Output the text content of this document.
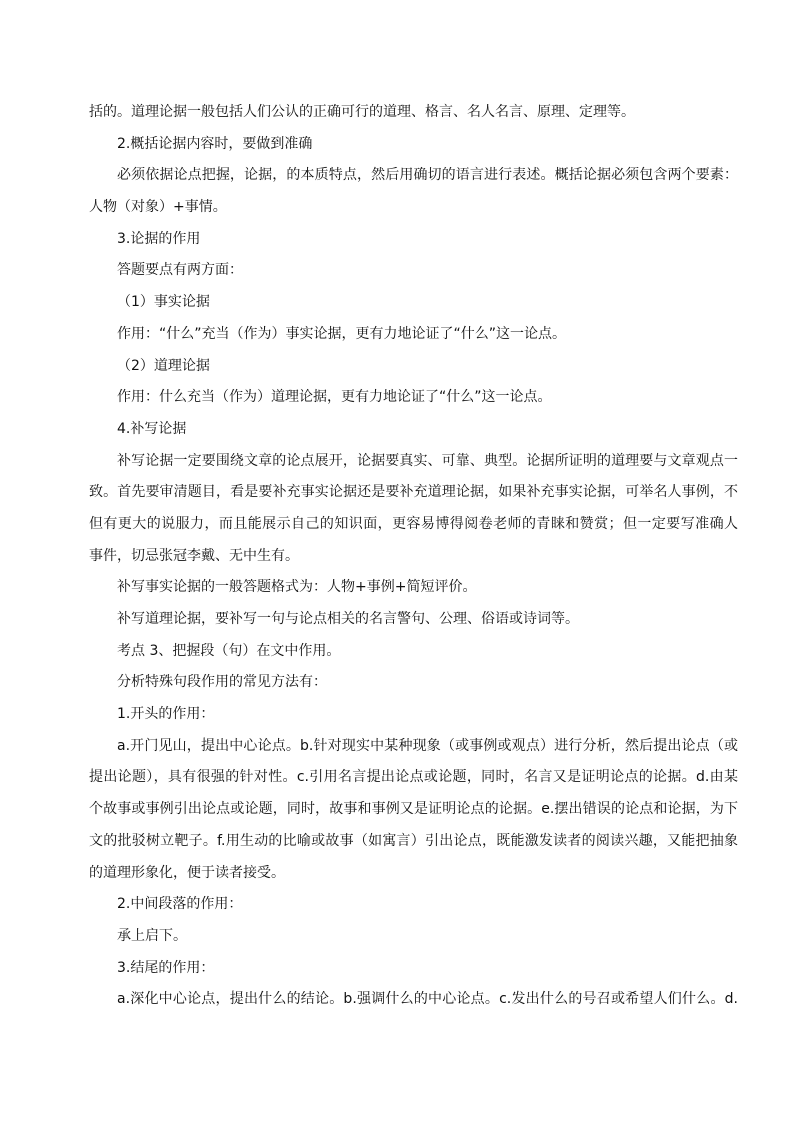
括的。道理论据一般包括人们公认的正确可行的道理、格言、名人名言、原理、定理等。
2.概括论据内容时，要做到准确
必须依据论点把握，论据，的本质特点，然后用确切的语言进行表述。概括论据必须包含两个要素：
人物（对象）+事情。
3.论据的作用
答题要点有两方面：
（1）事实论据
作用：“什么”充当（作为）事实论据，更有力地论证了“什么”这一论点。
（2）道理论据
作用：什么充当（作为）道理论据，更有力地论证了“什么”这一论点。
4.补写论据
补写论据一定要围绕文章的论点展开，论据要真实、可靠、典型。论据所证明的道理要与文章观点一
致。首先要审清题目，看是要补充事实论据还是要补充道理论据，如果补充事实论据，可举名人事例，不
但有更大的说服力，而且能展示自己的知识面，更容易博得阅卷老师的青睐和赞赏；但一定要写准确人
事件，切忌张冠李戴、无中生有。
补写事实论据的一般答题格式为：人物+事例+简短评价。
补写道理论据，要补写一句与论点相关的名言警句、公理、俗语或诗词等。
考点 3、把握段（句）在文中作用。
分析特殊句段作用的常见方法有：
1.开头的作用：
a.开门见山，提出中心论点。b.针对现实中某种现象（或事例或观点）进行分析，然后提出论点（或
提出论题），具有很强的针对性。c.引用名言提出论点或论题，同时，名言又是证明论点的论据。d.由某
个故事或事例引出论点或论题，同时，故事和事例又是证明论点的论据。e.摆出错误的论点和论据，为下
文的批驳树立靶子。f.用生动的比喻或故事（如寓言）引出论点，既能激发读者的阅读兴趣，又能把抽象
的道理形象化，便于读者接受。
2.中间段落的作用：
承上启下。
3.结尾的作用：
a.深化中心论点，提出什么的结论。b.强调什么的中心论点。c.发出什么的号召或希望人们什么。d.
